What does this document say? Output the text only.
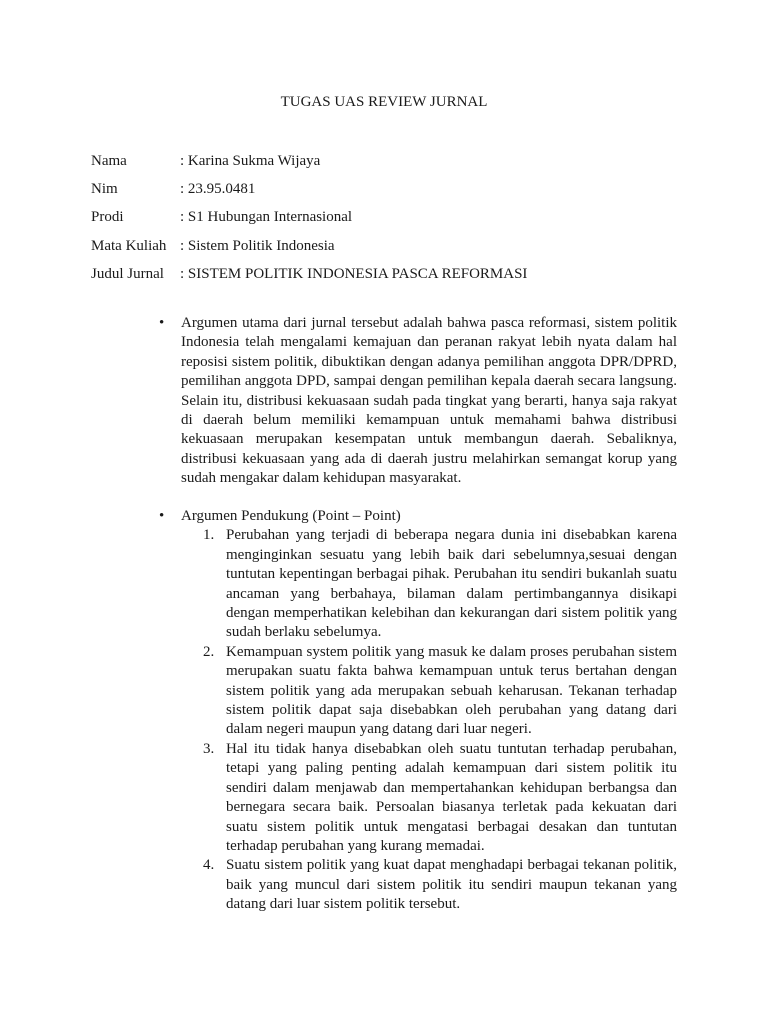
TUGAS UAS REVIEW JURNAL
Nama	: Karina Sukma Wijaya
Nim	: 23.95.0481
Prodi	: S1 Hubungan Internasional
Mata Kuliah : Sistem Politik Indonesia
Judul Jurnal : SISTEM POLITIK INDONESIA PASCA REFORMASI
• Argumen utama dari jurnal tersebut adalah bahwa pasca reformasi, sistem politik Indonesia telah mengalami kemajuan dan peranan rakyat lebih nyata dalam hal reposisi sistem politik, dibuktikan dengan adanya pemilihan anggota DPR/DPRD, pemilihan anggota DPD, sampai dengan pemilihan kepala daerah secara langsung. Selain itu, distribusi kekuasaan sudah pada tingkat yang berarti, hanya saja rakyat di daerah belum memiliki kemampuan untuk memahami bahwa distribusi kekuasaan merupakan kesempatan untuk membangun daerah. Sebaliknya, distribusi kekuasaan yang ada di daerah justru melahirkan semangat korup yang sudah mengakar dalam kehidupan masyarakat.
• Argumen Pendukung (Point – Point)
1. Perubahan yang terjadi di beberapa negara dunia ini disebabkan karena menginginkan sesuatu yang lebih baik dari sebelumnya,sesuai dengan tuntutan kepentingan berbagai pihak. Perubahan itu sendiri bukanlah suatu ancaman yang berbahaya, bilaman dalam pertimbangannya disikapi dengan memperhatikan kelebihan dan kekurangan dari sistem politik yang sudah berlaku sebelumya.
2. Kemampuan system politik yang masuk ke dalam proses perubahan sistem merupakan suatu fakta bahwa kemampuan untuk terus bertahan dengan sistem politik yang ada merupakan sebuah keharusan. Tekanan terhadap sistem politik dapat saja disebabkan oleh perubahan yang datang dari dalam negeri maupun yang datang dari luar negeri.
3. Hal itu tidak hanya disebabkan oleh suatu tuntutan terhadap perubahan, tetapi yang paling penting adalah kemampuan dari sistem politik itu sendiri dalam menjawab dan mempertahankan kehidupan berbangsa dan bernegara secara baik. Persoalan biasanya terletak pada kekuatan dari suatu sistem politik untuk mengatasi berbagai desakan dan tuntutan terhadap perubahan yang kurang memadai.
4. Suatu sistem politik yang kuat dapat menghadapi berbagai tekanan politik, baik yang muncul dari sistem politik itu sendiri maupun tekanan yang datang dari luar sistem politik tersebut.
